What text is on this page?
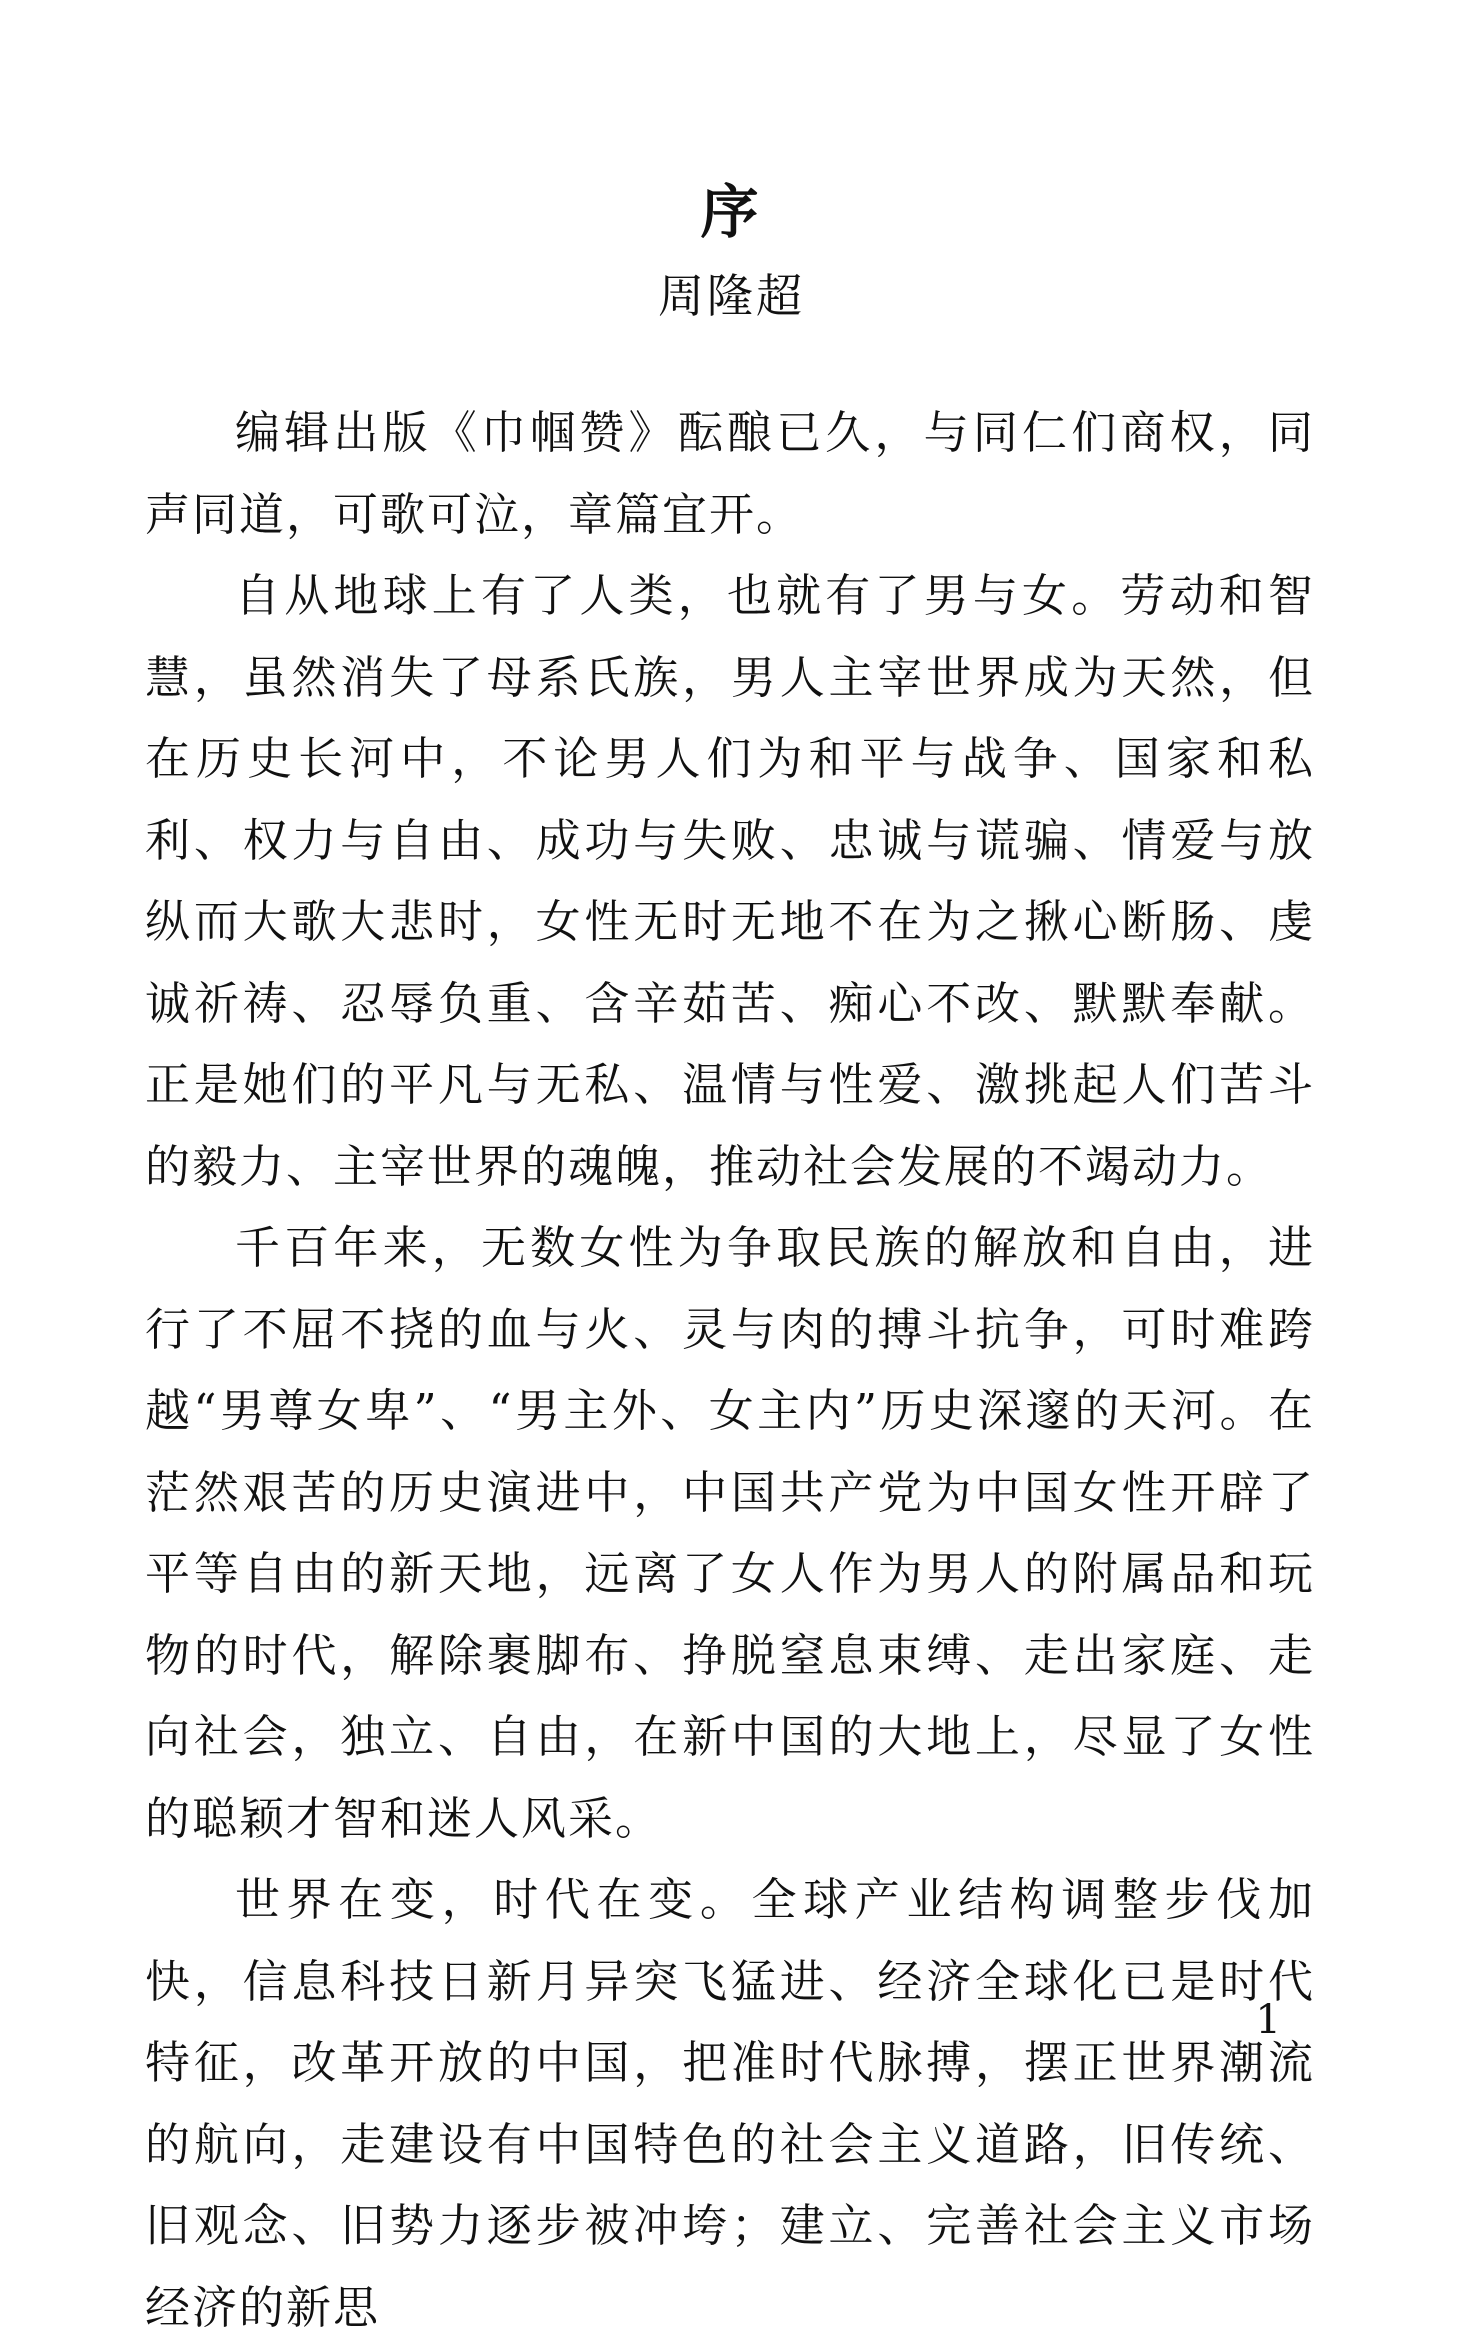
序
周隆超

编辑出版《巾帼赞》酝酿已久，与同仁们商权，同声同道，可歌可泣，章篇宜开。

自从地球上有了人类，也就有了男与女。劳动和智慧，虽然消失了母系氏族，男人主宰世界成为天然，但在历史长河中，不论男人们为和平与战争、国家和私利、权力与自由、成功与失败、忠诚与谎骗、情爱与放纵而大歌大悲时，女性无时无地不在为之揪心断肠、虔诚祈祷、忍辱负重、含辛茹苦、痴心不改、默默奉献。正是她们的平凡与无私、温情与性爱、激挑起人们苦斗的毅力、主宰世界的魂魄，推动社会发展的不竭动力。

千百年来，无数女性为争取民族的解放和自由，进行了不屈不挠的血与火、灵与肉的搏斗抗争，可时难跨越“男尊女卑”、“男主外、女主内”历史深邃的天河。在茫然艰苦的历史演进中，中国共产党为中国女性开辟了平等自由的新天地，远离了女人作为男人的附属品和玩物的时代，解除裹脚布、挣脱窒息束缚、走出家庭、走向社会，独立、自由，在新中国的大地上，尽显了女性的聪颖才智和迷人风采。

世界在变，时代在变。全球产业结构调整步伐加快，信息科技日新月异突飞猛进、经济全球化已是时代特征，改革开放的中国，把准时代脉搏，摆正世界潮流的航向，走建设有中国特色的社会主义道路，旧传统、旧观念、旧势力逐步被冲垮；建立、完善社会主义市场经济的新思

1
